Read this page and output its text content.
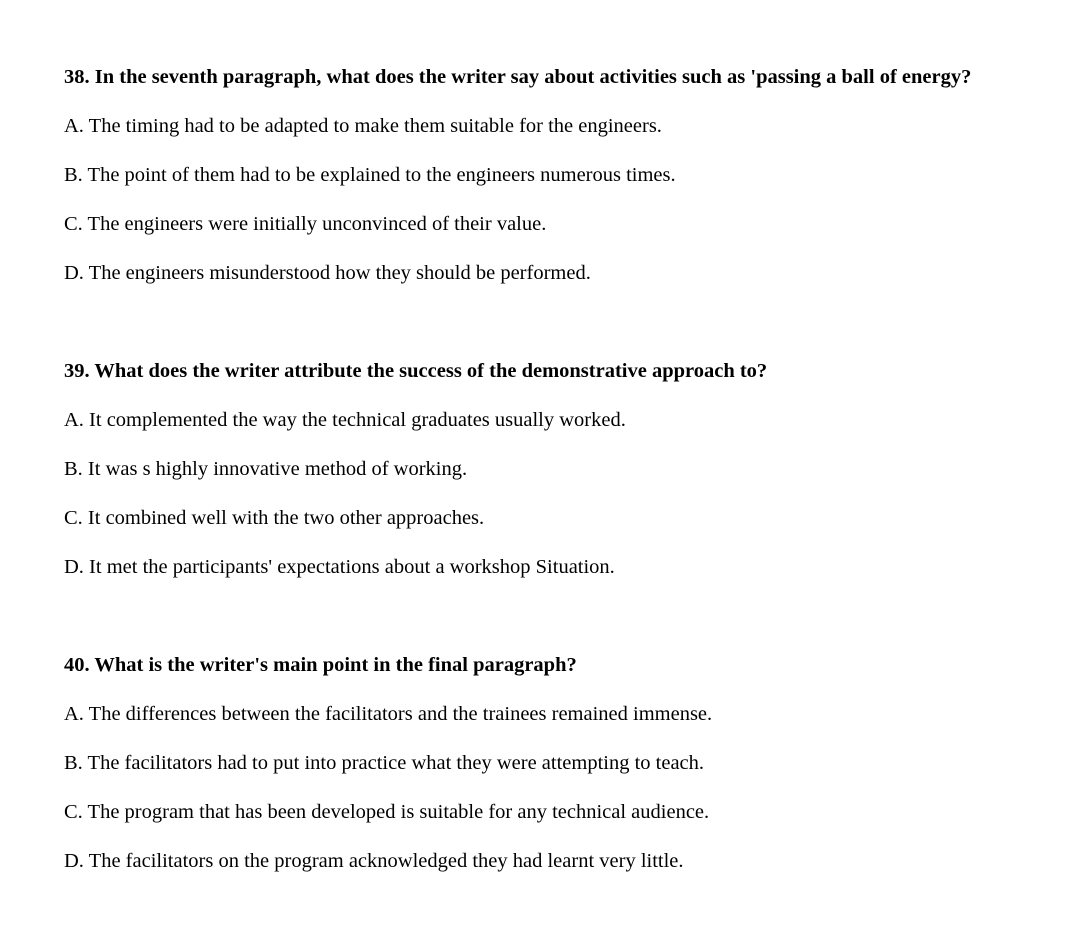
38. In the seventh paragraph, what does the writer say about activities such as 'passing a ball of energy?
A. The timing had to be adapted to make them suitable for the engineers.
B. The point of them had to be explained to the engineers numerous times.
C. The engineers were initially unconvinced of their value.
D. The engineers misunderstood how they should be performed.
39. What does the writer attribute the success of the demonstrative approach to?
A. It complemented the way the technical graduates usually worked.
B. It was s highly innovative method of working.
C. It combined well with the two other approaches.
D. It met the participants' expectations about a workshop Situation.
40. What is the writer's main point in the final paragraph?
A. The differences between the facilitators and the trainees remained immense.
B. The facilitators had to put into practice what they were attempting to teach.
C. The program that has been developed is suitable for any technical audience.
D. The facilitators on the program acknowledged they had learnt very little.
